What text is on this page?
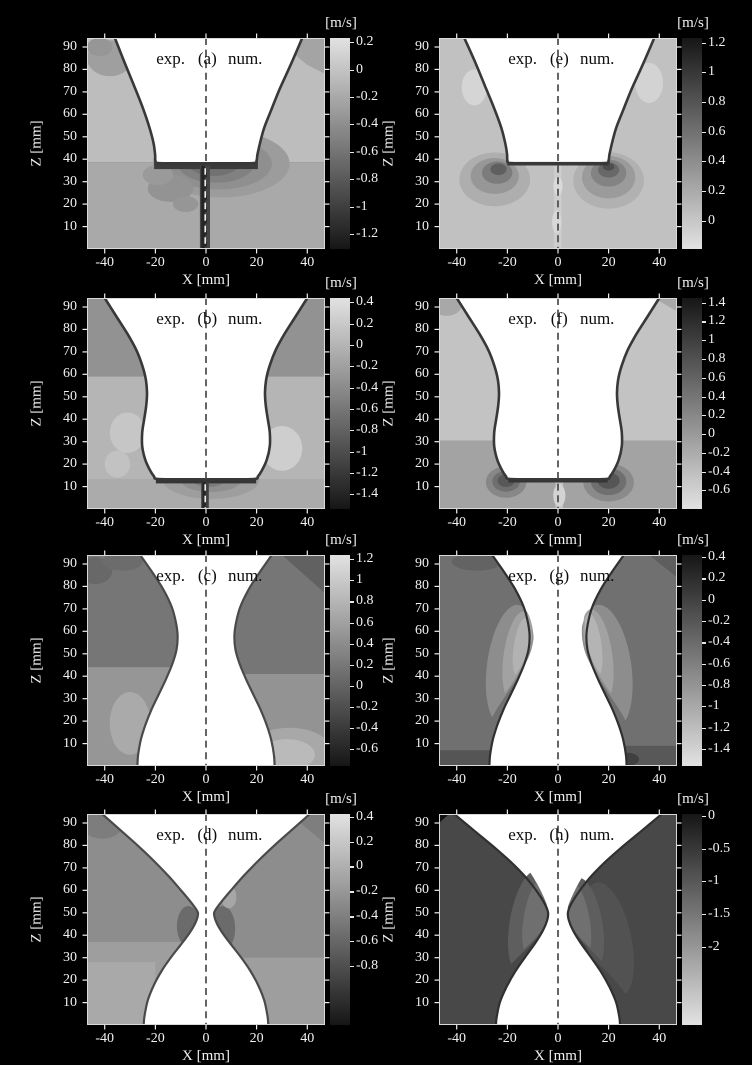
90
80
70
60
50
40
30
20
10
-40	-20	0	20	40
X [mm]
Z [mm]
exp. (a) num.
[m/s]
0.2
0
-0.2
-0.4
-0.6
-0.8
-1
-1.2
90
80
70
60
50
40
30
20
10
-40	-20	0	20	40
X [mm]
Z [mm]
exp. (b) num.
[m/s]
0.4
0.2
0
-0.2
-0.4
-0.6
-0.8
-1
-1.2
-1.4
90
80
70
60
50
40
30
20
10
-40	-20	0	20	40
X [mm]
Z [mm]
exp. (c) num.
[m/s]
1.2
1
0.8
0.6
0.4
0.2
0
-0.2
-0.4
-0.6
90
80
70
60
50
40
30
20
10
-40	-20	0	20	40
X [mm]
Z [mm]
exp. (d) num.
[m/s]
0.4
0.2
0
-0.2
-0.4
-0.6
-0.8
90
80
70
60
50
40
30
20
10
-40	-20	0	20	40
X [mm]
Z [mm]
exp. (e) num.
[m/s]
1.2
1
0.8
0.6
0.4
0.2
0
90
80
70
60
50
40
30
20
10
-40	-20	0	20	40
X [mm]
Z [mm]
exp. (f) num.
[m/s]
1.4
1.2
1
0.8
0.6
0.4
0.2
0
-0.2
-0.4
-0.6
90
80
70
60
50
40
30
20
10
-40	-20	0	20	40
X [mm]
Z [mm]
exp. (g) num.
[m/s]
0.4
0.2
0
-0.2
-0.4
-0.6
-0.8
-1
-1.2
-1.4
90
80
70
60
50
40
30
20
10
-40	-20	0	20	40
X [mm]
Z [mm]
exp. (h) num.
[m/s]
0
-0.5
-1
-1.5
-2
